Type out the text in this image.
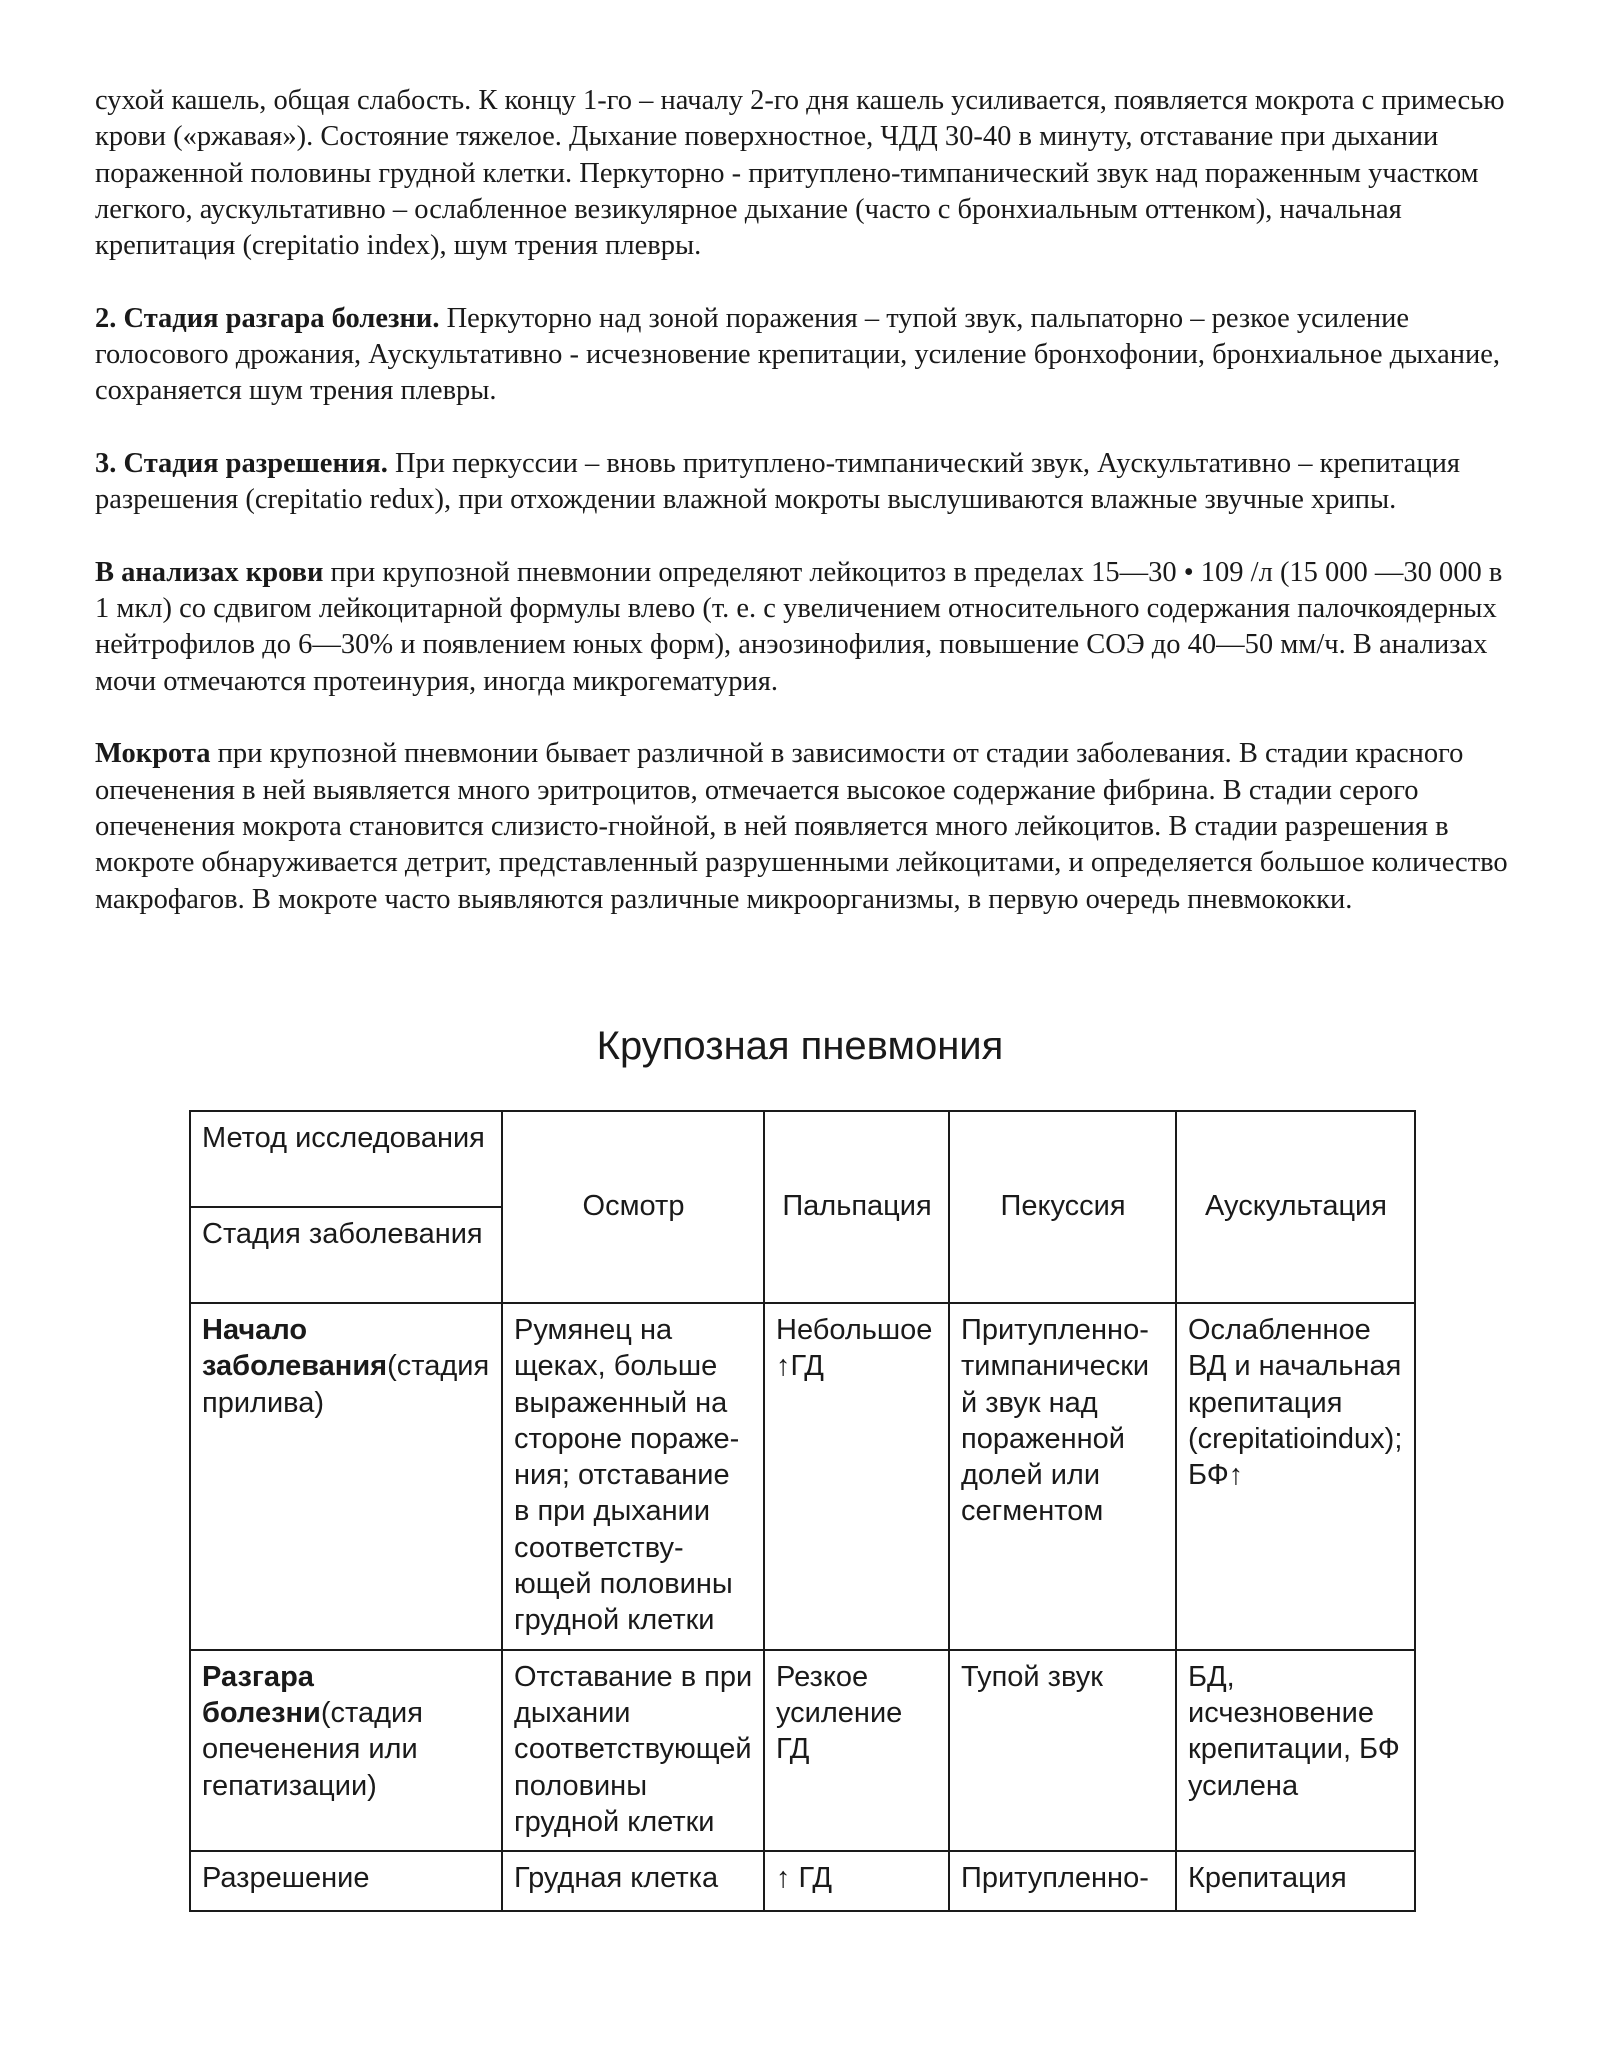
сухой кашель, общая слабость. К концу 1-го – началу 2-го дня кашель усиливается, появляется мокрота с примесью крови («ржавая»). Состояние тяжелое. Дыхание поверхностное, ЧДД 30-40 в минуту, отставание при дыхании пораженной половины грудной клетки. Перкуторно - притуплено-тимпанический звук над пораженным участком легкого, аускультативно – ослабленное везикулярное дыхание (часто с бронхиальным оттенком), начальная крепитация (crepitatio index), шум трения плевры.

2. Стадия разгара болезни. Перкуторно над зоной поражения – тупой звук, пальпаторно – резкое усиление голосового дрожания, Аускультативно - исчезновение крепитации, усиление бронхофонии, бронхиальное дыхание, сохраняется шум трения плевры.

3. Стадия разрешения. При перкуссии – вновь притуплено-тимпанический звук, Аускультативно – крепитация разрешения (crepitatio redux), при отхождении влажной мокроты выслушиваются влажные звучные хрипы.

В анализах крови при крупозной пневмонии определяют лейкоцитоз в пределах 15—30 • 109 /л (15 000 —30 000 в 1 мкл) со сдвигом лейкоцитарной формулы влево (т. е. с увеличением относительного содержания палочкоядерных нейтрофилов до 6—30% и появлением юных форм), анэозинофилия, повышение СОЭ до 40—50 мм/ч. В анализах мочи отмечаются протеинурия, иногда микрогематурия.

Мокрота при крупозной пневмонии бывает различной в зависимости от стадии заболевания. В стадии красного опеченения в ней выявляется много эритроцитов, отмечается высокое содержание фибрина. В стадии серого опеченения мокрота становится слизисто-гнойной, в ней появляется много лейкоцитов. В стадии разрешения в мокроте обнаруживается детрит, представленный разрушенными лейкоцитами, и определяется большое количество макрофагов. В мокроте часто выявляются различные микроорганизмы, в первую очередь пневмококки.

Крупозная пневмония
Метод исследования	Осмотр	Пальпация	Пекуссия	Аускультация
Стадия заболевания				
Начало заболевания(стадия прилива)	Румянец на щеках, больше выраженный на стороне пораже-ния; отставание в при дыхании соответству-ющей половины грудной клетки	Небольшое ↑ГД	Притупленно-тимпанический звук над пораженной долей или сегментом	Ослабленное ВД и начальная крепитация (crepitatioindux);
БФ↑
Разгара болезни(стадия опеченения или гепатизации)	Отставание в при дыхании соответствующей половины грудной клетки	Резкое усиление ГД	Тупой звук	БД, исчезновение крепитации, БФ усилена
Разрешение	Грудная клетка	↑ ГД	Притупленно-	Крепитация
